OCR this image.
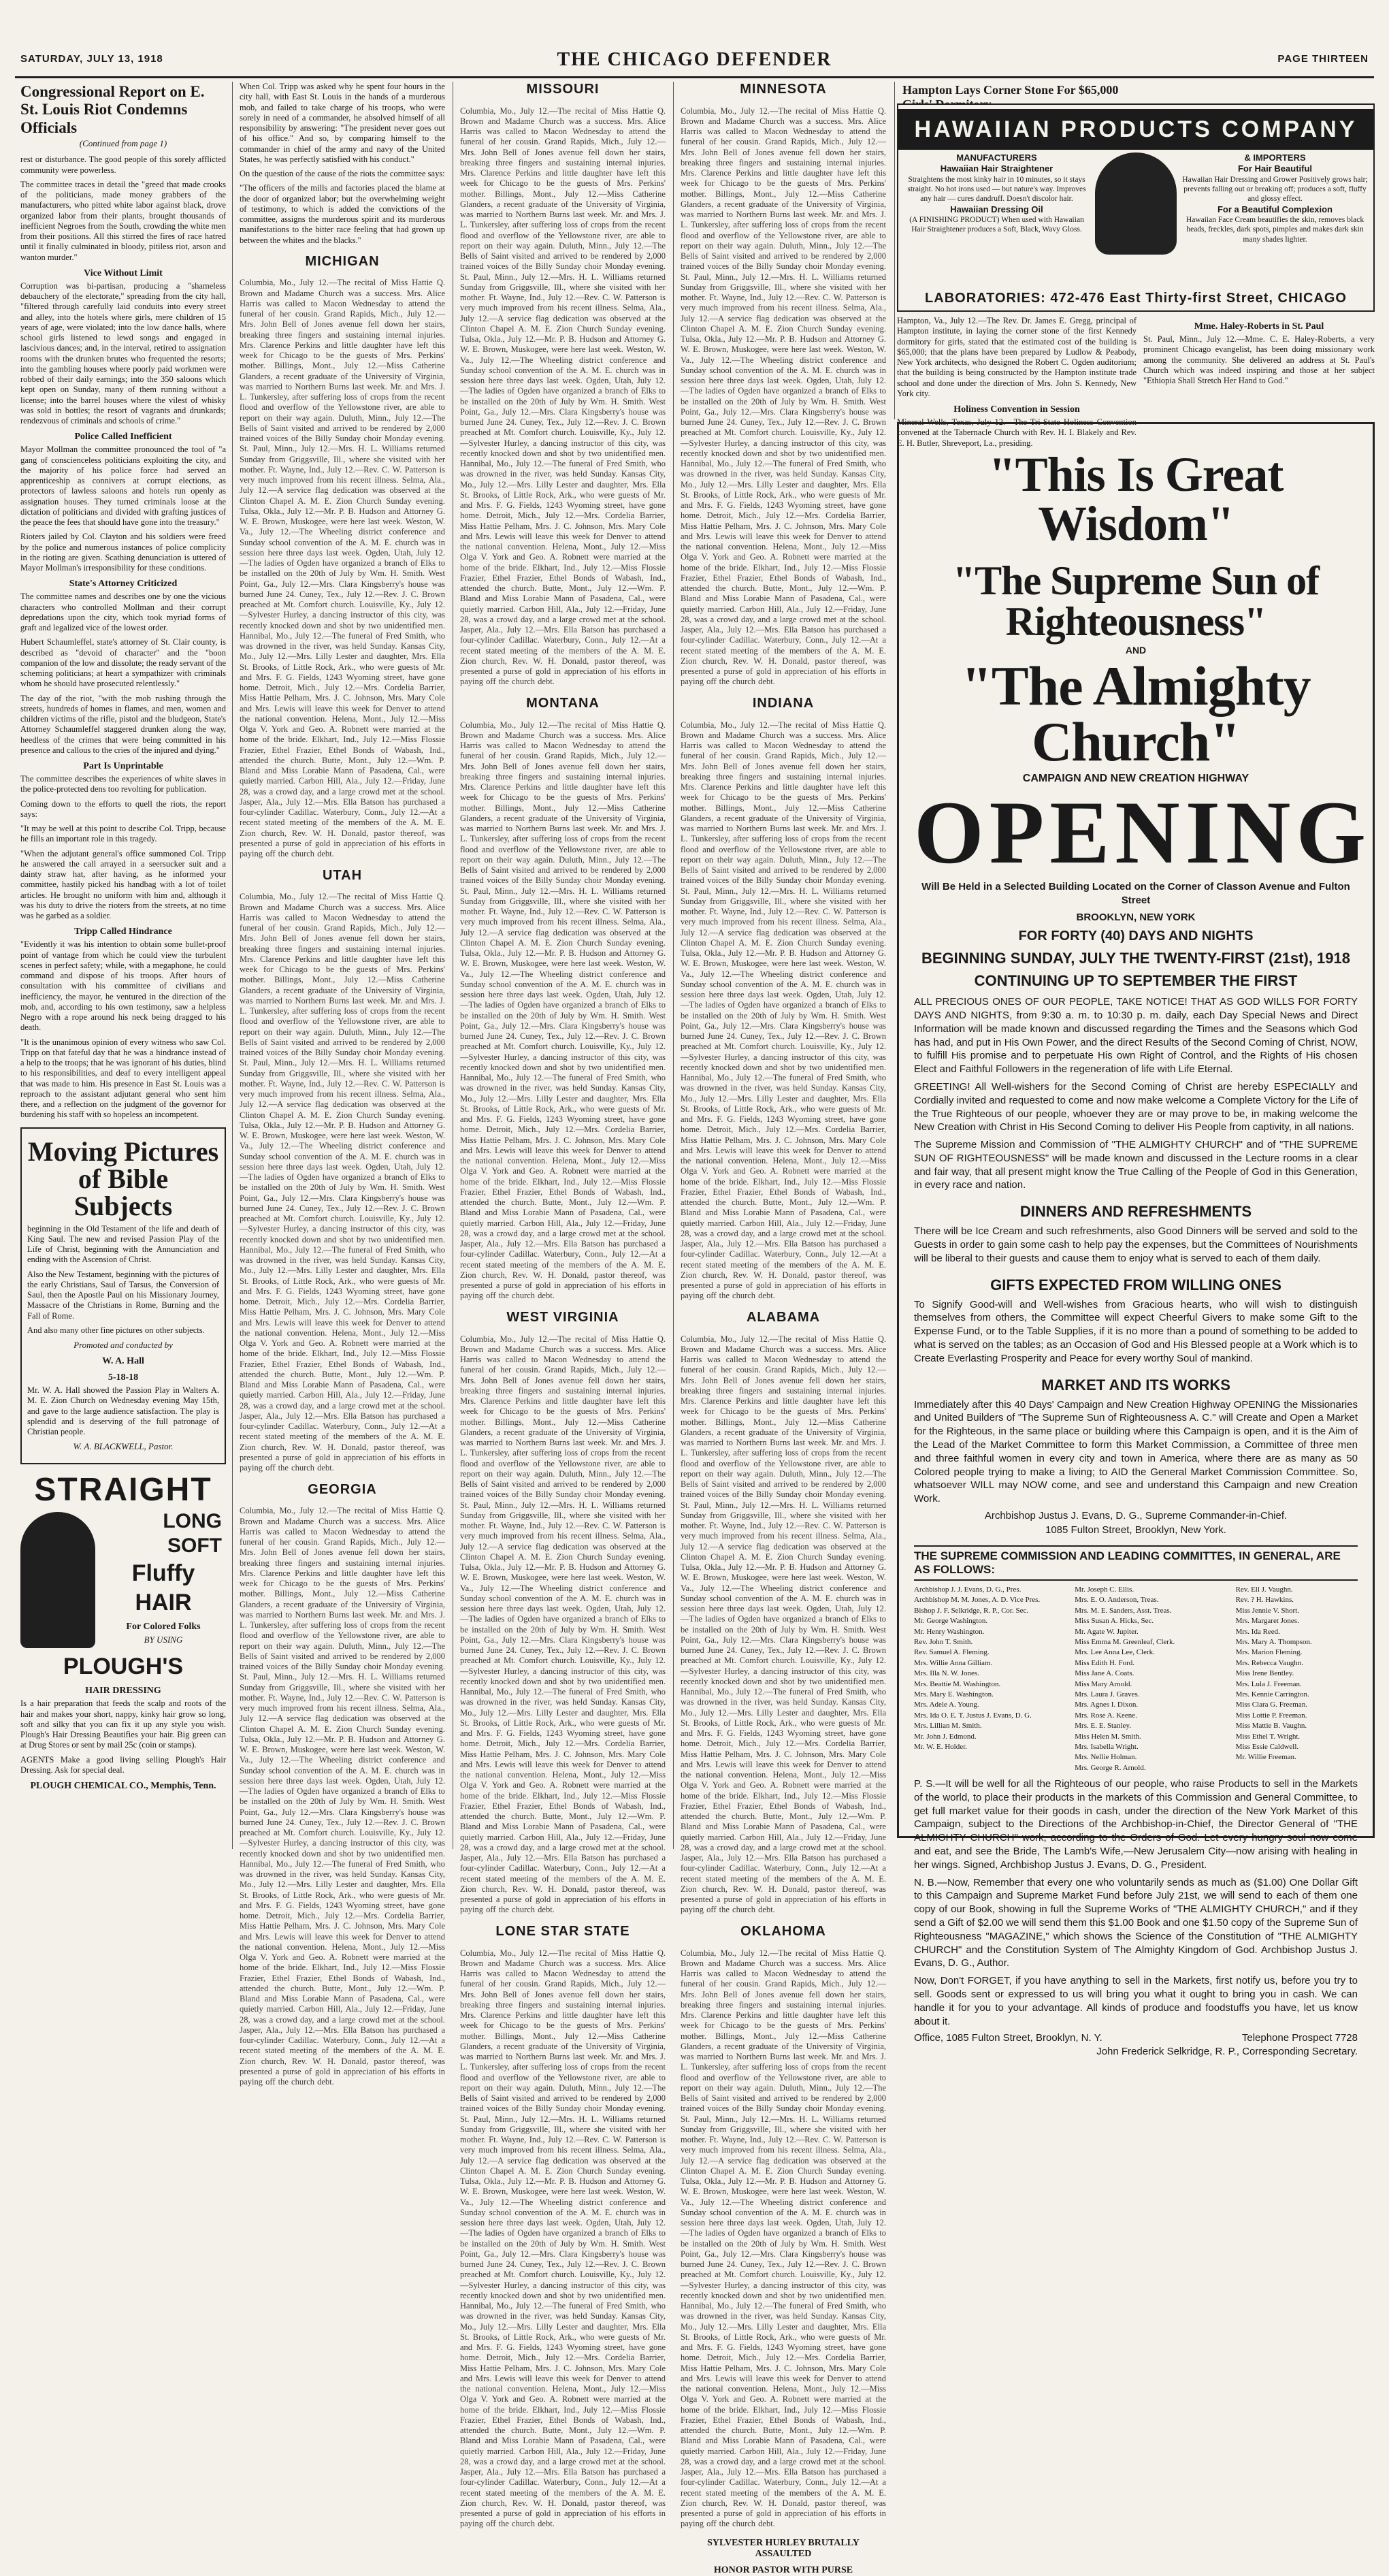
SATURDAY, JULY 13, 1918	THE CHICAGO DEFENDER	PAGE THIRTEEN
Congressional Report on E. St. Louis Riot Condemns Officials
(Continued from page 1)

rest or disturbance. The good people of this sorely afflicted community were powerless.

The committee traces in detail the "greed that made crooks of the politicians, made money grabbers of the manufacturers, who pitted white labor against black, drove organized labor from their plants, brought thousands of inefficient Negroes from the South, crowding the white men from their positions. All this stirred the fires of race hatred until it finally culminated in bloody, pitiless riot, arson and wanton murder."

Vice Without Limit

Corruption was bi-partisan, producing a "shameless debauchery of the electorate," spreading from the city hall, "filtered through carefully laid conduits into every street and alley, into the hotels where girls, mere children of 15 years of age, were violated; into the low dance halls, where school girls listened to lewd songs and engaged in lascivious dances; and, in the interval, retired to assignation rooms with the drunken brutes who frequented the resorts; into the gambling houses where poorly paid workmen were robbed of their daily earnings; into the 350 saloons which kept open on Sunday, many of them running without a license; into the barrel houses where the vilest of whisky was sold in bottles; the resort of vagrants and drunkards; rendezvous of criminals and schools of crime."

Police Called Inefficient

Mayor Mollman the committee pronounced the tool of "a gang of conscienceless politicians exploiting the city, and the majority of his police force had served an apprenticeship as connivers at corrupt elections, as protectors of lawless saloons and hotels run openly as assignation houses. They turned criminals loose at the dictation of politicians and divided with grafting justices of the peace the fees that should have gone into the treasury."

Rioters jailed by Col. Clayton and his soldiers were freed by the police and numerous instances of police complicity in the rioting are given. Scathing denunciation is uttered of Mayor Mollman's irresponsibility for these conditions.

State's Attorney Criticized

The committee names and describes one by one the vicious characters who controlled Mollman and their corrupt depredations upon the city, which took myriad forms of graft and legalized vice of the lowest order.

Hubert Schaumleffel, state's attorney of St. Clair county, is described as "devoid of character" and the "boon companion of the low and dissolute; the ready servant of the scheming politicians; at heart a sympathizer with criminals whom he should have prosecuted relentlessly."

The day of the riot, "with the mob rushing through the streets, hundreds of homes in flames, and men, women and children victims of the rifle, pistol and the bludgeon, State's Attorney Schaumleffel staggered drunken along the way, heedless of the crimes that were being committed in his presence and callous to the cries of the injured and dying."

Part Is Unprintable

The committee describes the experiences of white slaves in the police-protected dens too revolting for publication.

Coming down to the efforts to quell the riots, the report says:

"It may be well at this point to describe Col. Tripp, because he fills an important role in this tragedy.

"When the adjutant general's office summoned Col. Tripp he answered the call arrayed in a seersucker suit and a dainty straw hat, after having, as he informed your committee, hastily picked his handbag with a lot of toilet articles. He brought no uniform with him and, although it was his duty to drive the rioters from the streets, at no time was he garbed as a soldier.

Tripp Called Hindrance

"Evidently it was his intention to obtain some bullet-proof point of vantage from which he could view the turbulent scenes in perfect safety; while, with a megaphone, he could command and dispose of his troops. After hours of consultation with his committee of civilians and inefficiency, the mayor, he ventured in the direction of the mob, and, according to his own testimony, saw a helpless Negro with a rope around his neck being dragged to his death.

"It is the unanimous opinion of every witness who saw Col. Tripp on that fateful day that he was a hindrance instead of a help to the troops; that he was ignorant of his duties, blind to his responsibilities, and deaf to every intelligent appeal that was made to him. His presence in East St. Louis was a reproach to the assistant adjutant general who sent him there, and a reflection on the judgment of the governor for burdening his staff with so hopeless an incompetent.

Moving Pictures of Bible Subjects

beginning in the Old Testament of the life and death of King Saul. The new and revised Passion Play of the Life of Christ, beginning with the Annunciation and ending with the Ascension of Christ.

Also the New Testament, beginning with the pictures of the early Christians, Saul of Tarsus, the Conversion of Saul, then the Apostle Paul on his Missionary Journey, Massacre of the Christians in Rome, Burning and the Fall of Rome.

And also many other fine pictures on other subjects.

Promoted and conducted by
W. A. Hall
5-18-18

Mr. W. A. Hall showed the Passion Play in Walters A. M. E. Zion Church on Wednesday evening May 15th, and gave to the large audience satisfaction. The play is splendid and is deserving of the full patronage of Christian people.

W. A. BLACKWELL, Pastor.
STRAIGHT
LONG
SOFT
Fluffy
HAIR
For Colored Folks
BY USING
PLOUGH'S
HAIR DRESSING

Is a hair preparation that feeds the scalp and roots of the hair and makes your short, nappy, kinky hair grow so long, soft and silky that you can fix it up any style you wish. Plough's Hair Dressing Beautifies your hair. Big green can at Drug Stores or sent by mail 25c (coin or stamps).

AGENTS Make a good living selling Plough's Hair Dressing. Ask for special deal.

PLOUGH CHEMICAL CO., Memphis, Tenn.

When Col. Tripp was asked why he spent four hours in the city hall, with East St. Louis in the hands of a murderous mob, and failed to take charge of his troops, who were sorely in need of a commander, he absolved himself of all responsibility by answering: "The president never goes out of his office." And so, by comparing himself to the commander in chief of the army and navy of the United States, he was perfectly satisfied with his conduct."

On the question of the cause of the riots the committee says:

"The officers of the mills and factories placed the blame at the door of organized labor; but the overwhelming weight of testimony, to which is added the convictions of the committee, assigns the murderous spirit and its murderous manifestations to the bitter race feeling that had grown up between the whites and the blacks."

MICHIGAN

Columbia, Mo., July 12.—The recital of Miss Hattie Q. Brown and Madame Church was a success. Mrs. Alice Harris was called to Macon Wednesday to attend the funeral of her cousin. Grand Rapids, Mich., July 12.—Mrs. John Bell of Jones avenue fell down her stairs, breaking three fingers and sustaining internal injuries. Mrs. Clarence Perkins and little daughter have left this week for Chicago to be the guests of Mrs. Perkins' mother. Billings, Mont., July 12.—Miss Catherine Glanders, a recent graduate of the University of Virginia, was married to Northern Burns last week. Mr. and Mrs. J. L. Tunkersley, after suffering loss of crops from the recent flood and overflow of the Yellowstone river, are able to report on their way again. Duluth, Minn., July 12.—The Bells of Saint visited and arrived to be rendered by 2,000 trained voices of the Billy Sunday choir Monday evening. St. Paul, Minn., July 12.—Mrs. H. L. Williams returned Sunday from Griggsville, Ill., where she visited with her mother. Ft. Wayne, Ind., July 12.—Rev. C. W. Patterson is very much improved from his recent illness. Selma, Ala., July 12.—A service flag dedication was observed at the Clinton Chapel A. M. E. Zion Church Sunday evening. Tulsa, Okla., July 12.—Mr. P. B. Hudson and Attorney G. W. E. Brown, Muskogee, were here last week. Weston, W. Va., July 12.—The Wheeling district conference and Sunday school convention of the A. M. E. church was in session here three days last week. Ogden, Utah, July 12.—The ladies of Ogden have organized a branch of Elks to be installed on the 20th of July by Wm. H. Smith. West Point, Ga., July 12.—Mrs. Clara Kingsberry's house was burned June 24. Cuney, Tex., July 12.—Rev. J. C. Brown preached at Mt. Comfort church. Louisville, Ky., July 12.—Sylvester Hurley, a dancing instructor of this city, was recently knocked down and shot by two unidentified men. Hannibal, Mo., July 12.—The funeral of Fred Smith, who was drowned in the river, was held Sunday. Kansas City, Mo., July 12.—Mrs. Lilly Lester and daughter, Mrs. Ella St. Brooks, of Little Rock, Ark., who were guests of Mr. and Mrs. F. G. Fields, 1243 Wyoming street, have gone home. Detroit, Mich., July 12.—Mrs. Cordelia Barrier, Miss Hattie Pelham, Mrs. J. C. Johnson, Mrs. Mary Cole and Mrs. Lewis will leave this week for Denver to attend the national convention. Helena, Mont., July 12.—Miss Olga V. York and Geo. A. Robnett were married at the home of the bride. Elkhart, Ind., July 12.—Miss Flossie Frazier, Ethel Frazier, Ethel Bonds of Wabash, Ind., attended the church. Butte, Mont., July 12.—Wm. P. Bland and Miss Lorabie Mann of Pasadena, Cal., were quietly married. Carbon Hill, Ala., July 12.—Friday, June 28, was a crowd day, and a large crowd met at the school. Jasper, Ala., July 12.—Mrs. Ella Batson has purchased a four-cylinder Cadillac. Waterbury, Conn., July 12.—At a recent stated meeting of the members of the A. M. E. Zion church, Rev. W. H. Donald, pastor thereof, was presented a purse of gold in appreciation of his efforts in paying off the church debt.

UTAH

Columbia, Mo., July 12.—The recital of Miss Hattie Q. Brown and Madame Church was a success. Mrs. Alice Harris was called to Macon Wednesday to attend the funeral of her cousin. Grand Rapids, Mich., July 12.—Mrs. John Bell of Jones avenue fell down her stairs, breaking three fingers and sustaining internal injuries. Mrs. Clarence Perkins and little daughter have left this week for Chicago to be the guests of Mrs. Perkins' mother. Billings, Mont., July 12.—Miss Catherine Glanders, a recent graduate of the University of Virginia, was married to Northern Burns last week. Mr. and Mrs. J. L. Tunkersley, after suffering loss of crops from the recent flood and overflow of the Yellowstone river, are able to report on their way again. Duluth, Minn., July 12.—The Bells of Saint visited and arrived to be rendered by 2,000 trained voices of the Billy Sunday choir Monday evening. St. Paul, Minn., July 12.—Mrs. H. L. Williams returned Sunday from Griggsville, Ill., where she visited with her mother. Ft. Wayne, Ind., July 12.—Rev. C. W. Patterson is very much improved from his recent illness. Selma, Ala., July 12.—A service flag dedication was observed at the Clinton Chapel A. M. E. Zion Church Sunday evening. Tulsa, Okla., July 12.—Mr. P. B. Hudson and Attorney G. W. E. Brown, Muskogee, were here last week. Weston, W. Va., July 12.—The Wheeling district conference and Sunday school convention of the A. M. E. church was in session here three days last week. Ogden, Utah, July 12.—The ladies of Ogden have organized a branch of Elks to be installed on the 20th of July by Wm. H. Smith. West Point, Ga., July 12.—Mrs. Clara Kingsberry's house was burned June 24. Cuney, Tex., July 12.—Rev. J. C. Brown preached at Mt. Comfort church. Louisville, Ky., July 12.—Sylvester Hurley, a dancing instructor of this city, was recently knocked down and shot by two unidentified men. Hannibal, Mo., July 12.—The funeral of Fred Smith, who was drowned in the river, was held Sunday. Kansas City, Mo., July 12.—Mrs. Lilly Lester and daughter, Mrs. Ella St. Brooks, of Little Rock, Ark., who were guests of Mr. and Mrs. F. G. Fields, 1243 Wyoming street, have gone home. Detroit, Mich., July 12.—Mrs. Cordelia Barrier, Miss Hattie Pelham, Mrs. J. C. Johnson, Mrs. Mary Cole and Mrs. Lewis will leave this week for Denver to attend the national convention. Helena, Mont., July 12.—Miss Olga V. York and Geo. A. Robnett were married at the home of the bride. Elkhart, Ind., July 12.—Miss Flossie Frazier, Ethel Frazier, Ethel Bonds of Wabash, Ind., attended the church. Butte, Mont., July 12.—Wm. P. Bland and Miss Lorabie Mann of Pasadena, Cal., were quietly married. Carbon Hill, Ala., July 12.—Friday, June 28, was a crowd day, and a large crowd met at the school. Jasper, Ala., July 12.—Mrs. Ella Batson has purchased a four-cylinder Cadillac. Waterbury, Conn., July 12.—At a recent stated meeting of the members of the A. M. E. Zion church, Rev. W. H. Donald, pastor thereof, was presented a purse of gold in appreciation of his efforts in paying off the church debt.

GEORGIA

Columbia, Mo., July 12.—The recital of Miss Hattie Q. Brown and Madame Church was a success. Mrs. Alice Harris was called to Macon Wednesday to attend the funeral of her cousin. Grand Rapids, Mich., July 12.—Mrs. John Bell of Jones avenue fell down her stairs, breaking three fingers and sustaining internal injuries. Mrs. Clarence Perkins and little daughter have left this week for Chicago to be the guests of Mrs. Perkins' mother. Billings, Mont., July 12.—Miss Catherine Glanders, a recent graduate of the University of Virginia, was married to Northern Burns last week. Mr. and Mrs. J. L. Tunkersley, after suffering loss of crops from the recent flood and overflow of the Yellowstone river, are able to report on their way again. Duluth, Minn., July 12.—The Bells of Saint visited and arrived to be rendered by 2,000 trained voices of the Billy Sunday choir Monday evening. St. Paul, Minn., July 12.—Mrs. H. L. Williams returned Sunday from Griggsville, Ill., where she visited with her mother. Ft. Wayne, Ind., July 12.—Rev. C. W. Patterson is very much improved from his recent illness. Selma, Ala., July 12.—A service flag dedication was observed at the Clinton Chapel A. M. E. Zion Church Sunday evening. Tulsa, Okla., July 12.—Mr. P. B. Hudson and Attorney G. W. E. Brown, Muskogee, were here last week. Weston, W. Va., July 12.—The Wheeling district conference and Sunday school convention of the A. M. E. church was in session here three days last week. Ogden, Utah, July 12.—The ladies of Ogden have organized a branch of Elks to be installed on the 20th of July by Wm. H. Smith. West Point, Ga., July 12.—Mrs. Clara Kingsberry's house was burned June 24. Cuney, Tex., July 12.—Rev. J. C. Brown preached at Mt. Comfort church. Louisville, Ky., July 12.—Sylvester Hurley, a dancing instructor of this city, was recently knocked down and shot by two unidentified men. Hannibal, Mo., July 12.—The funeral of Fred Smith, who was drowned in the river, was held Sunday. Kansas City, Mo., July 12.—Mrs. Lilly Lester and daughter, Mrs. Ella St. Brooks, of Little Rock, Ark., who were guests of Mr. and Mrs. F. G. Fields, 1243 Wyoming street, have gone home. Detroit, Mich., July 12.—Mrs. Cordelia Barrier, Miss Hattie Pelham, Mrs. J. C. Johnson, Mrs. Mary Cole and Mrs. Lewis will leave this week for Denver to attend the national convention. Helena, Mont., July 12.—Miss Olga V. York and Geo. A. Robnett were married at the home of the bride. Elkhart, Ind., July 12.—Miss Flossie Frazier, Ethel Frazier, Ethel Bonds of Wabash, Ind., attended the church. Butte, Mont., July 12.—Wm. P. Bland and Miss Lorabie Mann of Pasadena, Cal., were quietly married. Carbon Hill, Ala., July 12.—Friday, June 28, was a crowd day, and a large crowd met at the school. Jasper, Ala., July 12.—Mrs. Ella Batson has purchased a four-cylinder Cadillac. Waterbury, Conn., July 12.—At a recent stated meeting of the members of the A. M. E. Zion church, Rev. W. H. Donald, pastor thereof, was presented a purse of gold in appreciation of his efforts in paying off the church debt.

MISSOURI

Columbia, Mo., July 12.—The recital of Miss Hattie Q. Brown and Madame Church was a success. Mrs. Alice Harris was called to Macon Wednesday to attend the funeral of her cousin. Grand Rapids, Mich., July 12.—Mrs. John Bell of Jones avenue fell down her stairs, breaking three fingers and sustaining internal injuries. Mrs. Clarence Perkins and little daughter have left this week for Chicago to be the guests of Mrs. Perkins' mother. Billings, Mont., July 12.—Miss Catherine Glanders, a recent graduate of the University of Virginia, was married to Northern Burns last week. Mr. and Mrs. J. L. Tunkersley, after suffering loss of crops from the recent flood and overflow of the Yellowstone river, are able to report on their way again. Duluth, Minn., July 12.—The Bells of Saint visited and arrived to be rendered by 2,000 trained voices of the Billy Sunday choir Monday evening. St. Paul, Minn., July 12.—Mrs. H. L. Williams returned Sunday from Griggsville, Ill., where she visited with her mother. Ft. Wayne, Ind., July 12.—Rev. C. W. Patterson is very much improved from his recent illness. Selma, Ala., July 12.—A service flag dedication was observed at the Clinton Chapel A. M. E. Zion Church Sunday evening. Tulsa, Okla., July 12.—Mr. P. B. Hudson and Attorney G. W. E. Brown, Muskogee, were here last week. Weston, W. Va., July 12.—The Wheeling district conference and Sunday school convention of the A. M. E. church was in session here three days last week. Ogden, Utah, July 12.—The ladies of Ogden have organized a branch of Elks to be installed on the 20th of July by Wm. H. Smith. West Point, Ga., July 12.—Mrs. Clara Kingsberry's house was burned June 24. Cuney, Tex., July 12.—Rev. J. C. Brown preached at Mt. Comfort church. Louisville, Ky., July 12.—Sylvester Hurley, a dancing instructor of this city, was recently knocked down and shot by two unidentified men. Hannibal, Mo., July 12.—The funeral of Fred Smith, who was drowned in the river, was held Sunday. Kansas City, Mo., July 12.—Mrs. Lilly Lester and daughter, Mrs. Ella St. Brooks, of Little Rock, Ark., who were guests of Mr. and Mrs. F. G. Fields, 1243 Wyoming street, have gone home. Detroit, Mich., July 12.—Mrs. Cordelia Barrier, Miss Hattie Pelham, Mrs. J. C. Johnson, Mrs. Mary Cole and Mrs. Lewis will leave this week for Denver to attend the national convention. Helena, Mont., July 12.—Miss Olga V. York and Geo. A. Robnett were married at the home of the bride. Elkhart, Ind., July 12.—Miss Flossie Frazier, Ethel Frazier, Ethel Bonds of Wabash, Ind., attended the church. Butte, Mont., July 12.—Wm. P. Bland and Miss Lorabie Mann of Pasadena, Cal., were quietly married. Carbon Hill, Ala., July 12.—Friday, June 28, was a crowd day, and a large crowd met at the school. Jasper, Ala., July 12.—Mrs. Ella Batson has purchased a four-cylinder Cadillac. Waterbury, Conn., July 12.—At a recent stated meeting of the members of the A. M. E. Zion church, Rev. W. H. Donald, pastor thereof, was presented a purse of gold in appreciation of his efforts in paying off the church debt.

MONTANA

Columbia, Mo., July 12.—The recital of Miss Hattie Q. Brown and Madame Church was a success. Mrs. Alice Harris was called to Macon Wednesday to attend the funeral of her cousin. Grand Rapids, Mich., July 12.—Mrs. John Bell of Jones avenue fell down her stairs, breaking three fingers and sustaining internal injuries. Mrs. Clarence Perkins and little daughter have left this week for Chicago to be the guests of Mrs. Perkins' mother. Billings, Mont., July 12.—Miss Catherine Glanders, a recent graduate of the University of Virginia, was married to Northern Burns last week. Mr. and Mrs. J. L. Tunkersley, after suffering loss of crops from the recent flood and overflow of the Yellowstone river, are able to report on their way again. Duluth, Minn., July 12.—The Bells of Saint visited and arrived to be rendered by 2,000 trained voices of the Billy Sunday choir Monday evening. St. Paul, Minn., July 12.—Mrs. H. L. Williams returned Sunday from Griggsville, Ill., where she visited with her mother. Ft. Wayne, Ind., July 12.—Rev. C. W. Patterson is very much improved from his recent illness. Selma, Ala., July 12.—A service flag dedication was observed at the Clinton Chapel A. M. E. Zion Church Sunday evening. Tulsa, Okla., July 12.—Mr. P. B. Hudson and Attorney G. W. E. Brown, Muskogee, were here last week. Weston, W. Va., July 12.—The Wheeling district conference and Sunday school convention of the A. M. E. church was in session here three days last week. Ogden, Utah, July 12.—The ladies of Ogden have organized a branch of Elks to be installed on the 20th of July by Wm. H. Smith. West Point, Ga., July 12.—Mrs. Clara Kingsberry's house was burned June 24. Cuney, Tex., July 12.—Rev. J. C. Brown preached at Mt. Comfort church. Louisville, Ky., July 12.—Sylvester Hurley, a dancing instructor of this city, was recently knocked down and shot by two unidentified men. Hannibal, Mo., July 12.—The funeral of Fred Smith, who was drowned in the river, was held Sunday. Kansas City, Mo., July 12.—Mrs. Lilly Lester and daughter, Mrs. Ella St. Brooks, of Little Rock, Ark., who were guests of Mr. and Mrs. F. G. Fields, 1243 Wyoming street, have gone home. Detroit, Mich., July 12.—Mrs. Cordelia Barrier, Miss Hattie Pelham, Mrs. J. C. Johnson, Mrs. Mary Cole and Mrs. Lewis will leave this week for Denver to attend the national convention. Helena, Mont., July 12.—Miss Olga V. York and Geo. A. Robnett were married at the home of the bride. Elkhart, Ind., July 12.—Miss Flossie Frazier, Ethel Frazier, Ethel Bonds of Wabash, Ind., attended the church. Butte, Mont., July 12.—Wm. P. Bland and Miss Lorabie Mann of Pasadena, Cal., were quietly married. Carbon Hill, Ala., July 12.—Friday, June 28, was a crowd day, and a large crowd met at the school. Jasper, Ala., July 12.—Mrs. Ella Batson has purchased a four-cylinder Cadillac. Waterbury, Conn., July 12.—At a recent stated meeting of the members of the A. M. E. Zion church, Rev. W. H. Donald, pastor thereof, was presented a purse of gold in appreciation of his efforts in paying off the church debt.

WEST VIRGINIA

Columbia, Mo., July 12.—The recital of Miss Hattie Q. Brown and Madame Church was a success. Mrs. Alice Harris was called to Macon Wednesday to attend the funeral of her cousin. Grand Rapids, Mich., July 12.—Mrs. John Bell of Jones avenue fell down her stairs, breaking three fingers and sustaining internal injuries. Mrs. Clarence Perkins and little daughter have left this week for Chicago to be the guests of Mrs. Perkins' mother. Billings, Mont., July 12.—Miss Catherine Glanders, a recent graduate of the University of Virginia, was married to Northern Burns last week. Mr. and Mrs. J. L. Tunkersley, after suffering loss of crops from the recent flood and overflow of the Yellowstone river, are able to report on their way again. Duluth, Minn., July 12.—The Bells of Saint visited and arrived to be rendered by 2,000 trained voices of the Billy Sunday choir Monday evening. St. Paul, Minn., July 12.—Mrs. H. L. Williams returned Sunday from Griggsville, Ill., where she visited with her mother. Ft. Wayne, Ind., July 12.—Rev. C. W. Patterson is very much improved from his recent illness. Selma, Ala., July 12.—A service flag dedication was observed at the Clinton Chapel A. M. E. Zion Church Sunday evening. Tulsa, Okla., July 12.—Mr. P. B. Hudson and Attorney G. W. E. Brown, Muskogee, were here last week. Weston, W. Va., July 12.—The Wheeling district conference and Sunday school convention of the A. M. E. church was in session here three days last week. Ogden, Utah, July 12.—The ladies of Ogden have organized a branch of Elks to be installed on the 20th of July by Wm. H. Smith. West Point, Ga., July 12.—Mrs. Clara Kingsberry's house was burned June 24. Cuney, Tex., July 12.—Rev. J. C. Brown preached at Mt. Comfort church. Louisville, Ky., July 12.—Sylvester Hurley, a dancing instructor of this city, was recently knocked down and shot by two unidentified men. Hannibal, Mo., July 12.—The funeral of Fred Smith, who was drowned in the river, was held Sunday. Kansas City, Mo., July 12.—Mrs. Lilly Lester and daughter, Mrs. Ella St. Brooks, of Little Rock, Ark., who were guests of Mr. and Mrs. F. G. Fields, 1243 Wyoming street, have gone home. Detroit, Mich., July 12.—Mrs. Cordelia Barrier, Miss Hattie Pelham, Mrs. J. C. Johnson, Mrs. Mary Cole and Mrs. Lewis will leave this week for Denver to attend the national convention. Helena, Mont., July 12.—Miss Olga V. York and Geo. A. Robnett were married at the home of the bride. Elkhart, Ind., July 12.—Miss Flossie Frazier, Ethel Frazier, Ethel Bonds of Wabash, Ind., attended the church. Butte, Mont., July 12.—Wm. P. Bland and Miss Lorabie Mann of Pasadena, Cal., were quietly married. Carbon Hill, Ala., July 12.—Friday, June 28, was a crowd day, and a large crowd met at the school. Jasper, Ala., July 12.—Mrs. Ella Batson has purchased a four-cylinder Cadillac. Waterbury, Conn., July 12.—At a recent stated meeting of the members of the A. M. E. Zion church, Rev. W. H. Donald, pastor thereof, was presented a purse of gold in appreciation of his efforts in paying off the church debt.

LONE STAR STATE

Columbia, Mo., July 12.—The recital of Miss Hattie Q. Brown and Madame Church was a success. Mrs. Alice Harris was called to Macon Wednesday to attend the funeral of her cousin. Grand Rapids, Mich., July 12.—Mrs. John Bell of Jones avenue fell down her stairs, breaking three fingers and sustaining internal injuries. Mrs. Clarence Perkins and little daughter have left this week for Chicago to be the guests of Mrs. Perkins' mother. Billings, Mont., July 12.—Miss Catherine Glanders, a recent graduate of the University of Virginia, was married to Northern Burns last week. Mr. and Mrs. J. L. Tunkersley, after suffering loss of crops from the recent flood and overflow of the Yellowstone river, are able to report on their way again. Duluth, Minn., July 12.—The Bells of Saint visited and arrived to be rendered by 2,000 trained voices of the Billy Sunday choir Monday evening. St. Paul, Minn., July 12.—Mrs. H. L. Williams returned Sunday from Griggsville, Ill., where she visited with her mother. Ft. Wayne, Ind., July 12.—Rev. C. W. Patterson is very much improved from his recent illness. Selma, Ala., July 12.—A service flag dedication was observed at the Clinton Chapel A. M. E. Zion Church Sunday evening. Tulsa, Okla., July 12.—Mr. P. B. Hudson and Attorney G. W. E. Brown, Muskogee, were here last week. Weston, W. Va., July 12.—The Wheeling district conference and Sunday school convention of the A. M. E. church was in session here three days last week. Ogden, Utah, July 12.—The ladies of Ogden have organized a branch of Elks to be installed on the 20th of July by Wm. H. Smith. West Point, Ga., July 12.—Mrs. Clara Kingsberry's house was burned June 24. Cuney, Tex., July 12.—Rev. J. C. Brown preached at Mt. Comfort church. Louisville, Ky., July 12.—Sylvester Hurley, a dancing instructor of this city, was recently knocked down and shot by two unidentified men. Hannibal, Mo., July 12.—The funeral of Fred Smith, who was drowned in the river, was held Sunday. Kansas City, Mo., July 12.—Mrs. Lilly Lester and daughter, Mrs. Ella St. Brooks, of Little Rock, Ark., who were guests of Mr. and Mrs. F. G. Fields, 1243 Wyoming street, have gone home. Detroit, Mich., July 12.—Mrs. Cordelia Barrier, Miss Hattie Pelham, Mrs. J. C. Johnson, Mrs. Mary Cole and Mrs. Lewis will leave this week for Denver to attend the national convention. Helena, Mont., July 12.—Miss Olga V. York and Geo. A. Robnett were married at the home of the bride. Elkhart, Ind., July 12.—Miss Flossie Frazier, Ethel Frazier, Ethel Bonds of Wabash, Ind., attended the church. Butte, Mont., July 12.—Wm. P. Bland and Miss Lorabie Mann of Pasadena, Cal., were quietly married. Carbon Hill, Ala., July 12.—Friday, June 28, was a crowd day, and a large crowd met at the school. Jasper, Ala., July 12.—Mrs. Ella Batson has purchased a four-cylinder Cadillac. Waterbury, Conn., July 12.—At a recent stated meeting of the members of the A. M. E. Zion church, Rev. W. H. Donald, pastor thereof, was presented a purse of gold in appreciation of his efforts in paying off the church debt.

MINNESOTA

Columbia, Mo., July 12.—The recital of Miss Hattie Q. Brown and Madame Church was a success. Mrs. Alice Harris was called to Macon Wednesday to attend the funeral of her cousin. Grand Rapids, Mich., July 12.—Mrs. John Bell of Jones avenue fell down her stairs, breaking three fingers and sustaining internal injuries. Mrs. Clarence Perkins and little daughter have left this week for Chicago to be the guests of Mrs. Perkins' mother. Billings, Mont., July 12.—Miss Catherine Glanders, a recent graduate of the University of Virginia, was married to Northern Burns last week. Mr. and Mrs. J. L. Tunkersley, after suffering loss of crops from the recent flood and overflow of the Yellowstone river, are able to report on their way again. Duluth, Minn., July 12.—The Bells of Saint visited and arrived to be rendered by 2,000 trained voices of the Billy Sunday choir Monday evening. St. Paul, Minn., July 12.—Mrs. H. L. Williams returned Sunday from Griggsville, Ill., where she visited with her mother. Ft. Wayne, Ind., July 12.—Rev. C. W. Patterson is very much improved from his recent illness. Selma, Ala., July 12.—A service flag dedication was observed at the Clinton Chapel A. M. E. Zion Church Sunday evening. Tulsa, Okla., July 12.—Mr. P. B. Hudson and Attorney G. W. E. Brown, Muskogee, were here last week. Weston, W. Va., July 12.—The Wheeling district conference and Sunday school convention of the A. M. E. church was in session here three days last week. Ogden, Utah, July 12.—The ladies of Ogden have organized a branch of Elks to be installed on the 20th of July by Wm. H. Smith. West Point, Ga., July 12.—Mrs. Clara Kingsberry's house was burned June 24. Cuney, Tex., July 12.—Rev. J. C. Brown preached at Mt. Comfort church. Louisville, Ky., July 12.—Sylvester Hurley, a dancing instructor of this city, was recently knocked down and shot by two unidentified men. Hannibal, Mo., July 12.—The funeral of Fred Smith, who was drowned in the river, was held Sunday. Kansas City, Mo., July 12.—Mrs. Lilly Lester and daughter, Mrs. Ella St. Brooks, of Little Rock, Ark., who were guests of Mr. and Mrs. F. G. Fields, 1243 Wyoming street, have gone home. Detroit, Mich., July 12.—Mrs. Cordelia Barrier, Miss Hattie Pelham, Mrs. J. C. Johnson, Mrs. Mary Cole and Mrs. Lewis will leave this week for Denver to attend the national convention. Helena, Mont., July 12.—Miss Olga V. York and Geo. A. Robnett were married at the home of the bride. Elkhart, Ind., July 12.—Miss Flossie Frazier, Ethel Frazier, Ethel Bonds of Wabash, Ind., attended the church. Butte, Mont., July 12.—Wm. P. Bland and Miss Lorabie Mann of Pasadena, Cal., were quietly married. Carbon Hill, Ala., July 12.—Friday, June 28, was a crowd day, and a large crowd met at the school. Jasper, Ala., July 12.—Mrs. Ella Batson has purchased a four-cylinder Cadillac. Waterbury, Conn., July 12.—At a recent stated meeting of the members of the A. M. E. Zion church, Rev. W. H. Donald, pastor thereof, was presented a purse of gold in appreciation of his efforts in paying off the church debt.

INDIANA

Columbia, Mo., July 12.—The recital of Miss Hattie Q. Brown and Madame Church was a success. Mrs. Alice Harris was called to Macon Wednesday to attend the funeral of her cousin. Grand Rapids, Mich., July 12.—Mrs. John Bell of Jones avenue fell down her stairs, breaking three fingers and sustaining internal injuries. Mrs. Clarence Perkins and little daughter have left this week for Chicago to be the guests of Mrs. Perkins' mother. Billings, Mont., July 12.—Miss Catherine Glanders, a recent graduate of the University of Virginia, was married to Northern Burns last week. Mr. and Mrs. J. L. Tunkersley, after suffering loss of crops from the recent flood and overflow of the Yellowstone river, are able to report on their way again. Duluth, Minn., July 12.—The Bells of Saint visited and arrived to be rendered by 2,000 trained voices of the Billy Sunday choir Monday evening. St. Paul, Minn., July 12.—Mrs. H. L. Williams returned Sunday from Griggsville, Ill., where she visited with her mother. Ft. Wayne, Ind., July 12.—Rev. C. W. Patterson is very much improved from his recent illness. Selma, Ala., July 12.—A service flag dedication was observed at the Clinton Chapel A. M. E. Zion Church Sunday evening. Tulsa, Okla., July 12.—Mr. P. B. Hudson and Attorney G. W. E. Brown, Muskogee, were here last week. Weston, W. Va., July 12.—The Wheeling district conference and Sunday school convention of the A. M. E. church was in session here three days last week. Ogden, Utah, July 12.—The ladies of Ogden have organized a branch of Elks to be installed on the 20th of July by Wm. H. Smith. West Point, Ga., July 12.—Mrs. Clara Kingsberry's house was burned June 24. Cuney, Tex., July 12.—Rev. J. C. Brown preached at Mt. Comfort church. Louisville, Ky., July 12.—Sylvester Hurley, a dancing instructor of this city, was recently knocked down and shot by two unidentified men. Hannibal, Mo., July 12.—The funeral of Fred Smith, who was drowned in the river, was held Sunday. Kansas City, Mo., July 12.—Mrs. Lilly Lester and daughter, Mrs. Ella St. Brooks, of Little Rock, Ark., who were guests of Mr. and Mrs. F. G. Fields, 1243 Wyoming street, have gone home. Detroit, Mich., July 12.—Mrs. Cordelia Barrier, Miss Hattie Pelham, Mrs. J. C. Johnson, Mrs. Mary Cole and Mrs. Lewis will leave this week for Denver to attend the national convention. Helena, Mont., July 12.—Miss Olga V. York and Geo. A. Robnett were married at the home of the bride. Elkhart, Ind., July 12.—Miss Flossie Frazier, Ethel Frazier, Ethel Bonds of Wabash, Ind., attended the church. Butte, Mont., July 12.—Wm. P. Bland and Miss Lorabie Mann of Pasadena, Cal., were quietly married. Carbon Hill, Ala., July 12.—Friday, June 28, was a crowd day, and a large crowd met at the school. Jasper, Ala., July 12.—Mrs. Ella Batson has purchased a four-cylinder Cadillac. Waterbury, Conn., July 12.—At a recent stated meeting of the members of the A. M. E. Zion church, Rev. W. H. Donald, pastor thereof, was presented a purse of gold in appreciation of his efforts in paying off the church debt.

ALABAMA

Columbia, Mo., July 12.—The recital of Miss Hattie Q. Brown and Madame Church was a success. Mrs. Alice Harris was called to Macon Wednesday to attend the funeral of her cousin. Grand Rapids, Mich., July 12.—Mrs. John Bell of Jones avenue fell down her stairs, breaking three fingers and sustaining internal injuries. Mrs. Clarence Perkins and little daughter have left this week for Chicago to be the guests of Mrs. Perkins' mother. Billings, Mont., July 12.—Miss Catherine Glanders, a recent graduate of the University of Virginia, was married to Northern Burns last week. Mr. and Mrs. J. L. Tunkersley, after suffering loss of crops from the recent flood and overflow of the Yellowstone river, are able to report on their way again. Duluth, Minn., July 12.—The Bells of Saint visited and arrived to be rendered by 2,000 trained voices of the Billy Sunday choir Monday evening. St. Paul, Minn., July 12.—Mrs. H. L. Williams returned Sunday from Griggsville, Ill., where she visited with her mother. Ft. Wayne, Ind., July 12.—Rev. C. W. Patterson is very much improved from his recent illness. Selma, Ala., July 12.—A service flag dedication was observed at the Clinton Chapel A. M. E. Zion Church Sunday evening. Tulsa, Okla., July 12.—Mr. P. B. Hudson and Attorney G. W. E. Brown, Muskogee, were here last week. Weston, W. Va., July 12.—The Wheeling district conference and Sunday school convention of the A. M. E. church was in session here three days last week. Ogden, Utah, July 12.—The ladies of Ogden have organized a branch of Elks to be installed on the 20th of July by Wm. H. Smith. West Point, Ga., July 12.—Mrs. Clara Kingsberry's house was burned June 24. Cuney, Tex., July 12.—Rev. J. C. Brown preached at Mt. Comfort church. Louisville, Ky., July 12.—Sylvester Hurley, a dancing instructor of this city, was recently knocked down and shot by two unidentified men. Hannibal, Mo., July 12.—The funeral of Fred Smith, who was drowned in the river, was held Sunday. Kansas City, Mo., July 12.—Mrs. Lilly Lester and daughter, Mrs. Ella St. Brooks, of Little Rock, Ark., who were guests of Mr. and Mrs. F. G. Fields, 1243 Wyoming street, have gone home. Detroit, Mich., July 12.—Mrs. Cordelia Barrier, Miss Hattie Pelham, Mrs. J. C. Johnson, Mrs. Mary Cole and Mrs. Lewis will leave this week for Denver to attend the national convention. Helena, Mont., July 12.—Miss Olga V. York and Geo. A. Robnett were married at the home of the bride. Elkhart, Ind., July 12.—Miss Flossie Frazier, Ethel Frazier, Ethel Bonds of Wabash, Ind., attended the church. Butte, Mont., July 12.—Wm. P. Bland and Miss Lorabie Mann of Pasadena, Cal., were quietly married. Carbon Hill, Ala., July 12.—Friday, June 28, was a crowd day, and a large crowd met at the school. Jasper, Ala., July 12.—Mrs. Ella Batson has purchased a four-cylinder Cadillac. Waterbury, Conn., July 12.—At a recent stated meeting of the members of the A. M. E. Zion church, Rev. W. H. Donald, pastor thereof, was presented a purse of gold in appreciation of his efforts in paying off the church debt.

OKLAHOMA

Columbia, Mo., July 12.—The recital of Miss Hattie Q. Brown and Madame Church was a success. Mrs. Alice Harris was called to Macon Wednesday to attend the funeral of her cousin. Grand Rapids, Mich., July 12.—Mrs. John Bell of Jones avenue fell down her stairs, breaking three fingers and sustaining internal injuries. Mrs. Clarence Perkins and little daughter have left this week for Chicago to be the guests of Mrs. Perkins' mother. Billings, Mont., July 12.—Miss Catherine Glanders, a recent graduate of the University of Virginia, was married to Northern Burns last week. Mr. and Mrs. J. L. Tunkersley, after suffering loss of crops from the recent flood and overflow of the Yellowstone river, are able to report on their way again. Duluth, Minn., July 12.—The Bells of Saint visited and arrived to be rendered by 2,000 trained voices of the Billy Sunday choir Monday evening. St. Paul, Minn., July 12.—Mrs. H. L. Williams returned Sunday from Griggsville, Ill., where she visited with her mother. Ft. Wayne, Ind., July 12.—Rev. C. W. Patterson is very much improved from his recent illness. Selma, Ala., July 12.—A service flag dedication was observed at the Clinton Chapel A. M. E. Zion Church Sunday evening. Tulsa, Okla., July 12.—Mr. P. B. Hudson and Attorney G. W. E. Brown, Muskogee, were here last week. Weston, W. Va., July 12.—The Wheeling district conference and Sunday school convention of the A. M. E. church was in session here three days last week. Ogden, Utah, July 12.—The ladies of Ogden have organized a branch of Elks to be installed on the 20th of July by Wm. H. Smith. West Point, Ga., July 12.—Mrs. Clara Kingsberry's house was burned June 24. Cuney, Tex., July 12.—Rev. J. C. Brown preached at Mt. Comfort church. Louisville, Ky., July 12.—Sylvester Hurley, a dancing instructor of this city, was recently knocked down and shot by two unidentified men. Hannibal, Mo., July 12.—The funeral of Fred Smith, who was drowned in the river, was held Sunday. Kansas City, Mo., July 12.—Mrs. Lilly Lester and daughter, Mrs. Ella St. Brooks, of Little Rock, Ark., who were guests of Mr. and Mrs. F. G. Fields, 1243 Wyoming street, have gone home. Detroit, Mich., July 12.—Mrs. Cordelia Barrier, Miss Hattie Pelham, Mrs. J. C. Johnson, Mrs. Mary Cole and Mrs. Lewis will leave this week for Denver to attend the national convention. Helena, Mont., July 12.—Miss Olga V. York and Geo. A. Robnett were married at the home of the bride. Elkhart, Ind., July 12.—Miss Flossie Frazier, Ethel Frazier, Ethel Bonds of Wabash, Ind., attended the church. Butte, Mont., July 12.—Wm. P. Bland and Miss Lorabie Mann of Pasadena, Cal., were quietly married. Carbon Hill, Ala., July 12.—Friday, June 28, was a crowd day, and a large crowd met at the school. Jasper, Ala., July 12.—Mrs. Ella Batson has purchased a four-cylinder Cadillac. Waterbury, Conn., July 12.—At a recent stated meeting of the members of the A. M. E. Zion church, Rev. W. H. Donald, pastor thereof, was presented a purse of gold in appreciation of his efforts in paying off the church debt.

SYLVESTER HURLEY BRUTALLY ASSAULTED
HONOR PASTOR WITH PURSE
Hampton Lays Corner Stone For $65,000
HAWAIIAN PRODUCTS COMPANY
MANUFACTURERS
Hawaiian Hair Straightener
Straightens the most kinky hair in 10 minutes, so it stays straight. No hot irons used — but nature's way. Improves any hair — cures dandruff. Doesn't discolor hair.
Hawaiian Dressing Oil
(A FINISHING PRODUCT) When used with Hawaiian Hair Straightener produces a Soft, Black, Wavy Gloss.
& IMPORTERS
For Hair Beautiful
Hawaiian Hair Dressing and Grower Positively grows hair; prevents falling out or breaking off; produces a soft, fluffy and glossy effect.
For a Beautiful Complexion
Hawaiian Face Cream beautifies the skin, removes black heads, freckles, dark spots, pimples and makes dark skin many shades lighter.
LABORATORIES: 472-476 East Thirty-first Street, CHICAGO

Hampton, Va., July 12.—The Rev. Dr. James E. Gregg, principal of Hampton institute, in laying the corner stone of the first Kennedy dormitory for girls, stated that the estimated cost of the building is $65,000; that the plans have been prepared by Ludlow & Peabody, New York architects, who designed the Robert C. Ogden auditorium; that the building is being constructed by the Hampton institute trade school and done under the direction of Mrs. John S. Kennedy, New York city.

Holiness Convention in Session

Mineral Wells, Texas, July 12.—The Tri-State Holiness Convention convened at the Tabernacle Church with Rev. H. I. Blakely and Rev. E. H. Butler, Shreveport, La., presiding.

Mme. Haley-Roberts in St. Paul

St. Paul, Minn., July 12.—Mme. C. E. Haley-Roberts, a very prominent Chicago evangelist, has been doing missionary work among the community. She delivered an address at St. Paul's Church which was indeed inspiring and those at her subject "Ethiopia Shall Stretch Her Hand to God."

"This Is Great Wisdom"
"The Supreme Sun of Righteousness"
AND
"The Almighty Church"
CAMPAIGN AND NEW CREATION HIGHWAY
OPENING
Will Be Held in a Selected Building Located on the Corner of Classon Avenue and Fulton Street
BROOKLYN, NEW YORK
FOR FORTY (40) DAYS AND NIGHTS
BEGINNING SUNDAY, JULY THE TWENTY-FIRST (21st), 1918
CONTINUING UP TO SEPTEMBER THE FIRST

ALL PRECIOUS ONES OF OUR PEOPLE, TAKE NOTICE! THAT AS GOD WILLS FOR FORTY DAYS AND NIGHTS, from 9:30 a. m. to 10:30 p. m. daily, each Day Special News and Direct Information will be made known and discussed regarding the Times and the Seasons which God has had, and put in His Own Power, and the direct Results of the Second Coming of Christ, NOW, to fulfill His promise and to perpetuate His own Right of Control, and the Rights of His chosen Elect and Faithful Followers in the regeneration of life with Life Eternal.

GREETING! All Well-wishers for the Second Coming of Christ are hereby ESPECIALLY and Cordially invited and requested to come and now make welcome a Complete Victory for the Life of the True Righteous of our people, whoever they are or may prove to be, in making welcome the New Creation with Christ in His Second Coming to deliver His People from captivity, in all nations.

The Supreme Mission and Commission of "THE ALMIGHTY CHURCH" and of "THE SUPREME SUN OF RIGHTEOUSNESS" will be made known and discussed in the Lecture rooms in a clear and fair way, that all present might know the True Calling of the People of God in this Generation, in every race and nation.

DINNERS AND REFRESHMENTS

There will be Ice Cream and such refreshments, also Good Dinners will be served and sold to the Guests in order to gain some cash to help pay the expenses, but the Committees of Nourishments will be liberal to their guests and cause them to enjoy what is served to each of them daily.

GIFTS EXPECTED FROM WILLING ONES

To Signify Good-will and Well-wishes from Gracious hearts, who will wish to distinguish themselves from others, the Committee will expect Cheerful Givers to make some Gift to the Expense Fund, or to the Table Supplies, if it is no more than a pound of something to be added to what is served on the tables; as an Occasion of God and His Blessed people at a Work which is to Create Everlasting Prosperity and Peace for every worthy Soul of mankind.

MARKET AND ITS WORKS

Immediately after this 40 Days' Campaign and New Creation Highway OPENING the Missionaries and United Builders of "The Supreme Sun of Righteousness A. C." will Create and Open a Market for the Righteous, in the same place or building where this Campaign is open, and it is the Aim of the Lead of the Market Committee to form this Market Commission, a Committee of three men and three faithful women in every city and town in America, where there are as many as 50 Colored people trying to make a living; to AID the General Market Commission Committee. So, whatsoever WILL may NOW come, and see and understand this Campaign and new Creation Work.

Archbishop Justus J. Evans, D. G., Supreme Commander-in-Chief.
1085 Fulton Street, Brooklyn, New York.
THE SUPREME COMMISSION AND LEADING COMMITTES, IN GENERAL, ARE AS FOLLOWS:
Archbishop J. J. Evans, D. G., Pres.
Archbishop M. M. Jones, A. D. Vice Pres.
Bishop J. F. Selkridge, R. P., Cor. Sec.
Mr. George Washington.
Mr. Henry Washington.
Rev. John T. Smith.
Rev. Samuel A. Fleming.
Mrs. Willie Anna Gilliam.
Mrs. Illa N. W. Jones.
Mrs. Beattie M. Washington.
Mrs. Mary E. Washington.
Mrs. Adele A. Young.
Mrs. Ida O. E. T. Justus J. Evans, D. G.
Mrs. Lillian M. Smith.
Mr. John J. Edmond.
Mr. W. E. Holder.
Mr. Joseph C. Ellis.
Mrs. E. O. Anderson, Treas.
Mrs. M. E. Sanders, Asst. Treas.
Miss Susan A. Hicks, Sec.
Mr. Agate W. Jupiter.
Miss Emma M. Greenleaf, Clerk.
Mrs. Lee Anna Lee, Clerk.
Miss Edith H. Ford.
Miss Jane A. Coats.
Miss Mary Arnold.
Mrs. Laura J. Graves.
Mrs. Agnes I. Dixon.
Mrs. Rose A. Keene.
Mrs. E. E. Stanley.
Miss Helen M. Smith.
Mrs. Isabella Wright.
Mrs. Nellie Holman.
Mrs. George R. Arnold.
Rev. Ell J. Vaughn.
Rev. ? H. Hawkins.
Miss Jennie V. Short.
Mrs. Margaret Jones.
Mrs. Ida Reed.
Mrs. Mary A. Thompson.
Mrs. Marion Fleming.
Mrs. Rebecca Vaughn.
Miss Irene Bentley.
Mrs. Lula J. Freeman.
Mrs. Kennie Carrington.
Miss Clara G. Freeman.
Miss Lottie P. Freeman.
Miss Mattie B. Vaughn.
Miss Ethel T. Wright.
Miss Essie Caldwell.
Mr. Willie Freeman.

P. S.—It will be well for all the Righteous of our people, who raise Products to sell in the Markets of the world, to place their products in the markets of this Commission and General Committee, to get full market value for their goods in cash, under the direction of the New York Market of this Campaign, subject to the Directions of the Archbishop-in-Chief, the Director General of "THE ALMIGHTY CHURCH" work, according to the Orders of God. Let every hungry soul now come and eat, and see the Bride, The Lamb's Wife,—New Jerusalem City—now arising with healing in her wings. Signed, Archbishop Justus J. Evans, D. G., President.

N. B.—Now, Remember that every one who voluntarily sends as much as ($1.00) One Dollar Gift to this Campaign and Supreme Market Fund before July 21st, we will send to each of them one copy of our Book, showing in full the Supreme Works of "THE ALMIGHTY CHURCH," and if they send a Gift of $2.00 we will send them this $1.00 Book and one $1.50 copy of the Supreme Sun of Righteousness "MAGAZINE," which shows the Science of the Constitution of "THE ALMIGHTY CHURCH" and the Constitution System of The Almighty Kingdom of God. Archbishop Justus J. Evans, D. G., Author.

Now, Don't FORGET, if you have anything to sell in the Markets, first notify us, before you try to sell. Goods sent or expressed to us will bring you what it ought to bring you in cash. We can handle it for you to your advantage. All kinds of produce and foodstuffs you have, let us know about it.

Office, 1085 Fulton Street, Brooklyn, N. Y.	Telephone Prospect 7728
John Frederick Selkridge, R. P., Corresponding Secretary.
